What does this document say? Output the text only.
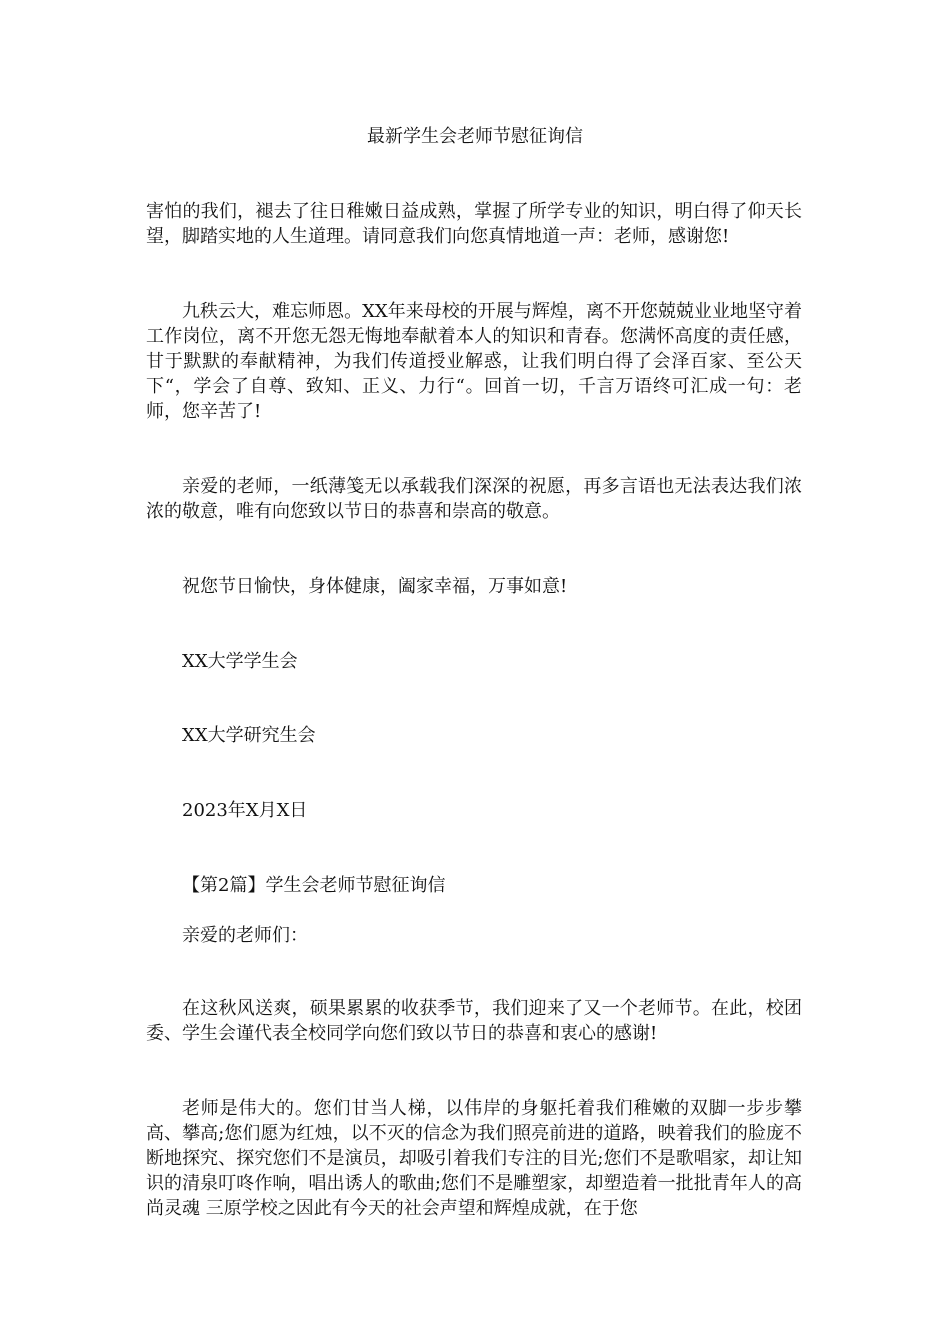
最新学生会老师节慰征询信

害怕的我们，褪去了往日稚嫩日益成熟，掌握了所学专业的知识，明白得了仰天长望，脚踏实地的人生道理。请同意我们向您真情地道一声：老师，感谢您!

九秩云大，难忘师恩。XX年来母校的开展与辉煌，离不开您兢兢业业地坚守着工作岗位，离不开您无怨无悔地奉献着本人的知识和青春。您满怀高度的责任感，甘于默默的奉献精神，为我们传道授业解惑，让我们明白得了会泽百家、至公天下“，学会了自尊、致知、正义、力行“。回首一切，千言万语终可汇成一句：老师，您辛苦了!

亲爱的老师，一纸薄笺无以承载我们深深的祝愿，再多言语也无法表达我们浓浓的敬意，唯有向您致以节日的恭喜和崇高的敬意。

祝您节日愉快，身体健康，阖家幸福，万事如意!

XX大学学生会

XX大学研究生会

2023年X月X日

【第2篇】学生会老师节慰征询信

亲爱的老师们：

在这秋风送爽，硕果累累的收获季节，我们迎来了又一个老师节。在此，校团委、学生会谨代表全校同学向您们致以节日的恭喜和衷心的感谢!

老师是伟大的。您们甘当人梯，以伟岸的身躯托着我们稚嫩的双脚一步步攀高、攀高;您们愿为红烛，以不灭的信念为我们照亮前进的道路，映着我们的脸庞不断地探究、探究您们不是演员，却吸引着我们专注的目光;您们不是歌唱家，却让知识的清泉叮咚作响，唱出诱人的歌曲;您们不是雕塑家，却塑造着一批批青年人的高尚灵魂 三原学校之因此有今天的社会声望和辉煌成就，在于您
